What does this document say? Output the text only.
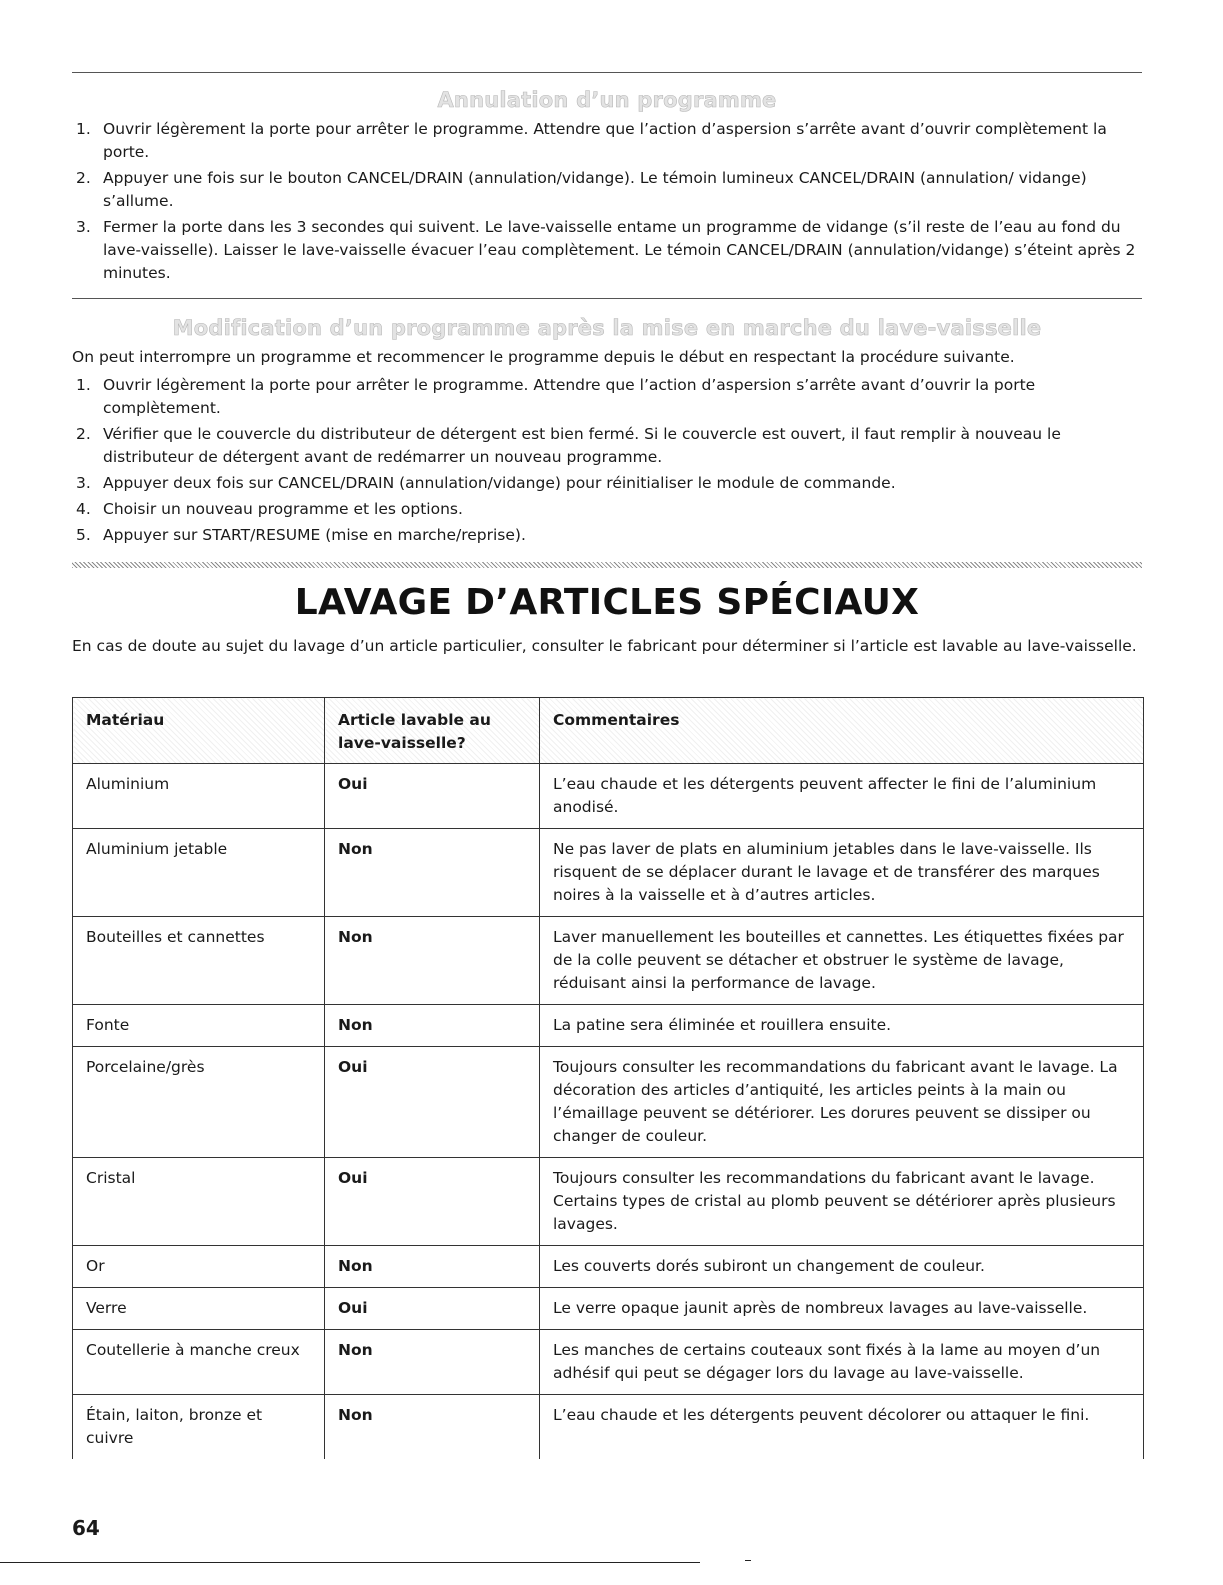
Annulation d’un programme
1. Ouvrir légèrement la porte pour arrêter le programme. Attendre que l’action d’aspersion s’arrête avant d’ouvrir complètement la porte.
2. Appuyer une fois sur le bouton CANCEL/DRAIN (annulation/vidange). Le témoin lumineux CANCEL/DRAIN (annulation/ vidange) s’allume.
3. Fermer la porte dans les 3 secondes qui suivent. Le lave-vaisselle entame un programme de vidange (s’il reste de l’eau au fond du lave-vaisselle). Laisser le lave-vaisselle évacuer l’eau complètement. Le témoin CANCEL/DRAIN (annulation/vidange) s’éteint après 2 minutes.
Modification d’un programme après la mise en marche du lave-vaisselle

On peut interrompre un programme et recommencer le programme depuis le début en respectant la procédure suivante.

1. Ouvrir légèrement la porte pour arrêter le programme. Attendre que l’action d’aspersion s’arrête avant d’ouvrir la porte complètement.
2. Vérifier que le couvercle du distributeur de détergent est bien fermé. Si le couvercle est ouvert, il faut remplir à nouveau le distributeur de détergent avant de redémarrer un nouveau programme.
3. Appuyer deux fois sur CANCEL/DRAIN (annulation/vidange) pour réinitialiser le module de commande.
4. Choisir un nouveau programme et les options.
5. Appuyer sur START/RESUME (mise en marche/reprise).
LAVAGE D’ARTICLES SPÉCIAUX

En cas de doute au sujet du lavage d’un article particulier, consulter le fabricant pour déterminer si l’article est lavable au lave-vaisselle.

Matériau	Article lavable au lave-vaisselle?	Commentaires
Aluminium	Oui	L’eau chaude et les détergents peuvent affecter le fini de l’aluminium anodisé.
Aluminium jetable	Non	Ne pas laver de plats en aluminium jetables dans le lave-vaisselle. Ils risquent de se déplacer durant le lavage et de transférer des marques noires à la vaisselle et à d’autres articles.
Bouteilles et cannettes	Non	Laver manuellement les bouteilles et cannettes. Les étiquettes fixées par de la colle peuvent se détacher et obstruer le système de lavage, réduisant ainsi la performance de lavage.
Fonte	Non	La patine sera éliminée et rouillera ensuite.
Porcelaine/grès	Oui	Toujours consulter les recommandations du fabricant avant le lavage. La décoration des articles d’antiquité, les articles peints à la main ou l’émaillage peuvent se détériorer. Les dorures peuvent se dissiper ou changer de couleur.
Cristal	Oui	Toujours consulter les recommandations du fabricant avant le lavage. Certains types de cristal au plomb peuvent se détériorer après plusieurs lavages.
Or	Non	Les couverts dorés subiront un changement de couleur.
Verre	Oui	Le verre opaque jaunit après de nombreux lavages au lave-vaisselle.
Coutellerie à manche creux	Non	Les manches de certains couteaux sont fixés à la lame au moyen d’un adhésif qui peut se dégager lors du lavage au lave-vaisselle.
Étain, laiton, bronze et cuivre	Non	L’eau chaude et les détergents peuvent décolorer ou attaquer le fini.
64
